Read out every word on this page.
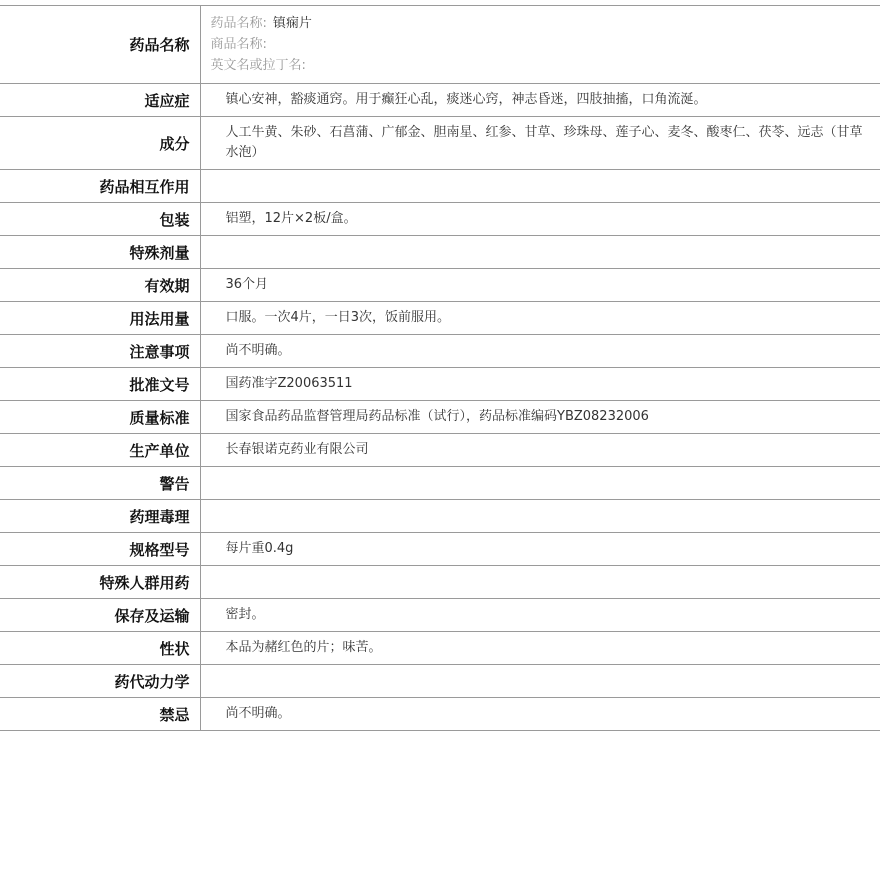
药品名称	药品名称: 镇痫片
商品名称:
英文名或拉丁名:

适应症	镇心安神，豁痰通窍。用于癫狂心乱，痰迷心窍，神志昏迷，四肢抽搐，口角流涎。
成分	人工牛黄、朱砂、石菖蒲、广郁金、胆南星、红参、甘草、珍珠母、莲子心、麦冬、酸枣仁、茯苓、远志（甘草水泡）
药品相互作用	
包装	铝塑，12片×2板/盒。
特殊剂量	
有效期	36个月
用法用量	口服。一次4片，一日3次，饭前服用。
注意事项	尚不明确。
批准文号	国药准字Z20063511
质量标准	国家食品药品监督管理局药品标准（试行），药品标准编码YBZ08232006
生产单位	长春银诺克药业有限公司
警告	
药理毒理	
规格型号	每片重0.4g
特殊人群用药	
保存及运输	密封。
性状	本品为赭红色的片；味苦。
药代动力学	
禁忌	尚不明确。
